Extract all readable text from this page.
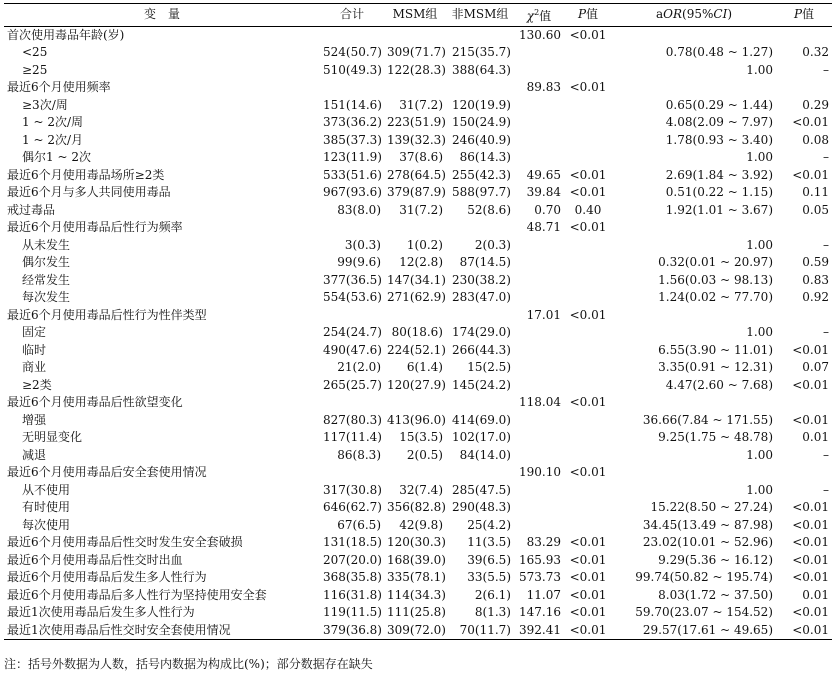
变　量	合计	MSM组	非MSM组	$\chi^2$值	P值	aOR(95%CI)	P值
首次使用毒品年龄(岁)				130.60	<0.01		
<25	524(50.7)	309(71.7)	215(35.7)			0.78(0.48 ~ 1.27)	0.32
≥25	510(49.3)	122(28.3)	388(64.3)			1.00	–
最近6个月使用频率				89.83	<0.01		
≥3次/周	151(14.6)	31(7.2)	120(19.9)			0.65(0.29 ~ 1.44)	0.29
1 ~ 2次/周	373(36.2)	223(51.9)	150(24.9)			4.08(2.09 ~ 7.97)	<0.01
1 ~ 2次/月	385(37.3)	139(32.3)	246(40.9)			1.78(0.93 ~ 3.40)	0.08
偶尔1 ~ 2次	123(11.9)	37(8.6)	86(14.3)			1.00	–
最近6个月使用毒品场所≥2类	533(51.6)	278(64.5)	255(42.3)	49.65	<0.01	2.69(1.84 ~ 3.92)	<0.01
最近6个月与多人共同使用毒品	967(93.6)	379(87.9)	588(97.7)	39.84	<0.01	0.51(0.22 ~ 1.15)	0.11
戒过毒品	83(8.0)	31(7.2)	52(8.6)	0.70	0.40	1.92(1.01 ~ 3.67)	0.05
最近6个月使用毒品后性行为频率				48.71	<0.01		
从未发生	3(0.3)	1(0.2)	2(0.3)			1.00	–
偶尔发生	99(9.6)	12(2.8)	87(14.5)			0.32(0.01 ~ 20.97)	0.59
经常发生	377(36.5)	147(34.1)	230(38.2)			1.56(0.03 ~ 98.13)	0.83
每次发生	554(53.6)	271(62.9)	283(47.0)			1.24(0.02 ~ 77.70)	0.92
最近6个月使用毒品后性行为性伴类型				17.01	<0.01		
固定	254(24.7)	80(18.6)	174(29.0)			1.00	–
临时	490(47.6)	224(52.1)	266(44.3)			6.55(3.90 ~ 11.01)	<0.01
商业	21(2.0)	6(1.4)	15(2.5)			3.35(0.91 ~ 12.31)	0.07
≥2类	265(25.7)	120(27.9)	145(24.2)			4.47(2.60 ~ 7.68)	<0.01
最近6个月使用毒品后性欲望变化				118.04	<0.01		
增强	827(80.3)	413(96.0)	414(69.0)			36.66(7.84 ~ 171.55)	<0.01
无明显变化	117(11.4)	15(3.5)	102(17.0)			9.25(1.75 ~ 48.78)	0.01
减退	86(8.3)	2(0.5)	84(14.0)			1.00	–
最近6个月使用毒品后安全套使用情况				190.10	<0.01		
从不使用	317(30.8)	32(7.4)	285(47.5)			1.00	–
有时使用	646(62.7)	356(82.8)	290(48.3)			15.22(8.50 ~ 27.24)	<0.01
每次使用	67(6.5)	42(9.8)	25(4.2)			34.45(13.49 ~ 87.98)	<0.01
最近6个月使用毒品后性交时发生安全套破损	131(18.5)	120(30.3)	11(3.5)	83.29	<0.01	23.02(10.01 ~ 52.96)	<0.01
最近6个月使用毒品后性交时出血	207(20.0)	168(39.0)	39(6.5)	165.93	<0.01	9.29(5.36 ~ 16.12)	<0.01
最近6个月使用毒品后发生多人性行为	368(35.8)	335(78.1)	33(5.5)	573.73	<0.01	99.74(50.82 ~ 195.74)	<0.01
最近6个月使用毒品后多人性行为坚持使用安全套	116(31.8)	114(34.3)	2(6.1)	11.07	<0.01	8.03(1.72 ~ 37.50)	0.01
最近1次使用毒品后发生多人性行为	119(11.5)	111(25.8)	8(1.3)	147.16	<0.01	59.70(23.07 ~ 154.52)	<0.01
最近1次使用毒品后性交时安全套使用情况	379(36.8)	309(72.0)	70(11.7)	392.41	<0.01	29.57(17.61 ~ 49.65)	<0.01
注：括号外数据为人数，括号内数据为构成比(%)；部分数据存在缺失
